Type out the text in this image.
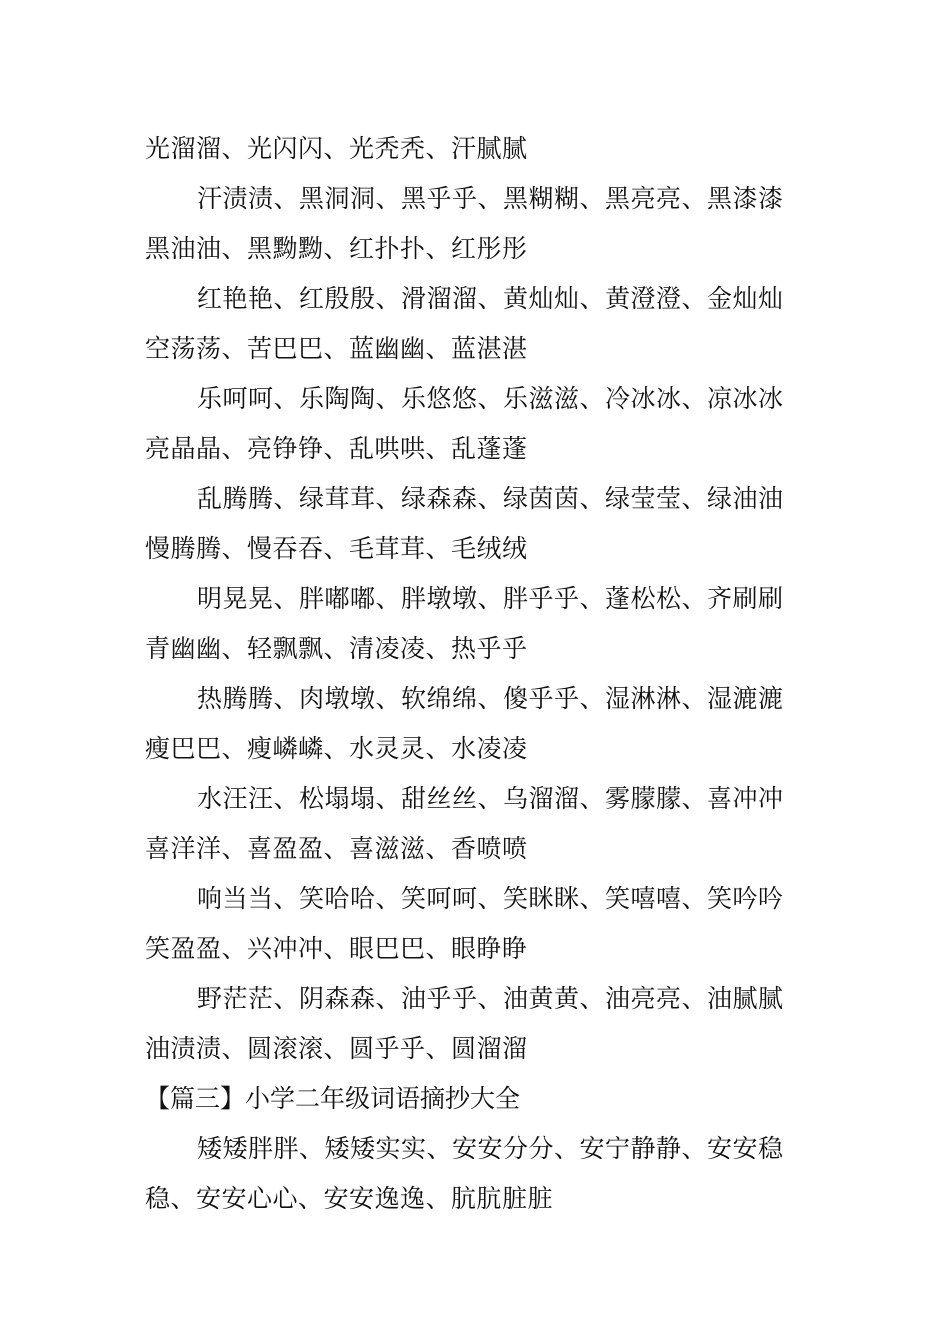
光溜溜、光闪闪、光秃秃、汗腻腻
汗渍渍、黑洞洞、黑乎乎、黑糊糊、黑亮亮、黑漆漆
黑油油、黑黝黝、红扑扑、红彤彤
红艳艳、红殷殷、滑溜溜、黄灿灿、黄澄澄、金灿灿
空荡荡、苦巴巴、蓝幽幽、蓝湛湛
乐呵呵、乐陶陶、乐悠悠、乐滋滋、冷冰冰、凉冰冰
亮晶晶、亮铮铮、乱哄哄、乱蓬蓬
乱腾腾、绿茸茸、绿森森、绿茵茵、绿莹莹、绿油油
慢腾腾、慢吞吞、毛茸茸、毛绒绒
明晃晃、胖嘟嘟、胖墩墩、胖乎乎、蓬松松、齐刷刷
青幽幽、轻飘飘、清凌凌、热乎乎
热腾腾、肉墩墩、软绵绵、傻乎乎、湿淋淋、湿漉漉
瘦巴巴、瘦嶙嶙、水灵灵、水凌凌
水汪汪、松塌塌、甜丝丝、乌溜溜、雾朦朦、喜冲冲
喜洋洋、喜盈盈、喜滋滋、香喷喷
响当当、笑哈哈、笑呵呵、笑眯眯、笑嘻嘻、笑吟吟
笑盈盈、兴冲冲、眼巴巴、眼睁睁
野茫茫、阴森森、油乎乎、油黄黄、油亮亮、油腻腻
油渍渍、圆滚滚、圆乎乎、圆溜溜
【篇三】小学二年级词语摘抄大全
矮矮胖胖、矮矮实实、安安分分、安宁静静、安安稳
稳、安安心心、安安逸逸、肮肮脏脏
